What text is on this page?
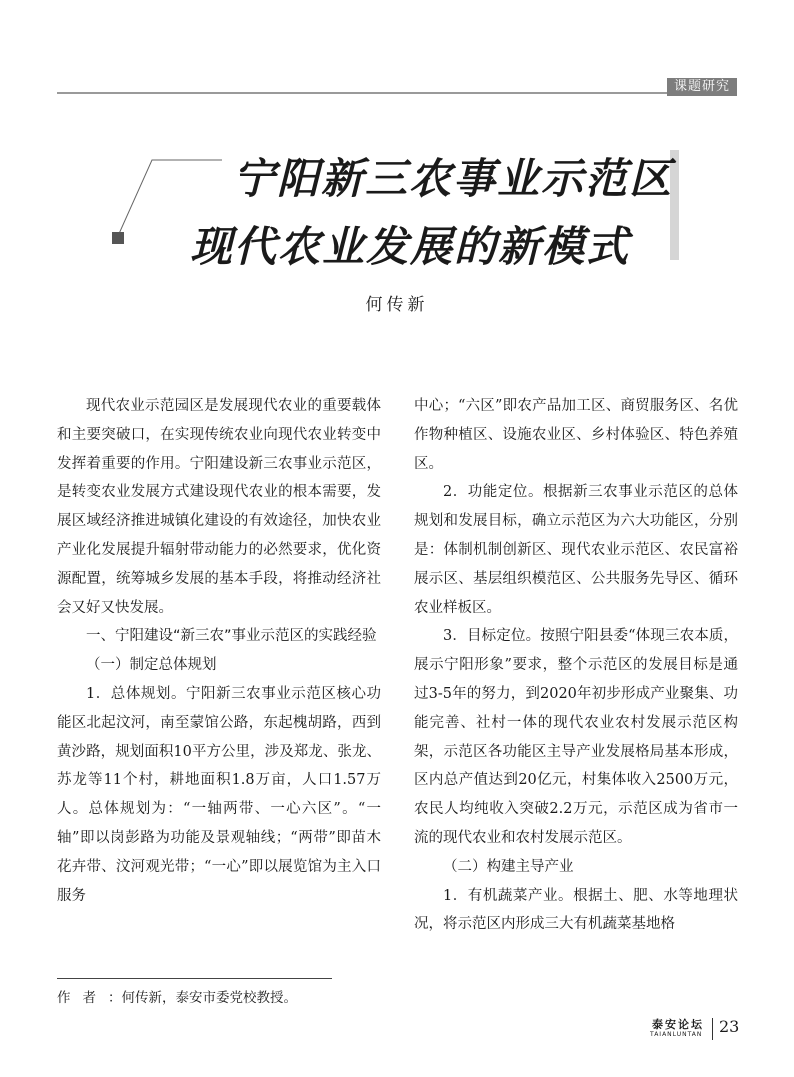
课题研究
宁阳新三农事业示范区
现代农业发展的新模式
何传新

现代农业示范园区是发展现代农业的重要载体和主要突破口，在实现传统农业向现代农业转变中发挥着重要的作用。宁阳建设新三农事业示范区，是转变农业发展方式建设现代农业的根本需要，发展区域经济推进城镇化建设的有效途径，加快农业产业化发展提升辐射带动能力的必然要求，优化资源配置，统筹城乡发展的基本手段，将推动经济社会又好又快发展。

一、宁阳建设“新三农”事业示范区的实践经验
（一）制定总体规划

1．总体规划。宁阳新三农事业示范区核心功能区北起汶河，南至蒙馆公路，东起槐胡路，西到黄沙路，规划面积10平方公里，涉及郑龙、张龙、苏龙等11个村，耕地面积1.8万亩，人口1.57万人。总体规划为：“一轴两带、一心六区”。“一轴”即以岗彭路为功能及景观轴线；“两带”即苗木花卉带、汶河观光带；“一心”即以展览馆为主入口服务

中心；“六区”即农产品加工区、商贸服务区、名优作物种植区、设施农业区、乡村体验区、特色养殖区。

2．功能定位。根据新三农事业示范区的总体规划和发展目标，确立示范区为六大功能区，分别是：体制机制创新区、现代农业示范区、农民富裕展示区、基层组织模范区、公共服务先导区、循环农业样板区。

3．目标定位。按照宁阳县委“体现三农本质，展示宁阳形象”要求，整个示范区的发展目标是通过3-5年的努力，到2020年初步形成产业聚集、功能完善、社村一体的现代农业农村发展示范区构架，示范区各功能区主导产业发展格局基本形成，区内总产值达到20亿元，村集体收入2500万元，农民人均纯收入突破2.2万元，示范区成为省市一流的现代农业和农村发展示范区。

（二）构建主导产业

1．有机蔬菜产业。根据土、肥、水等地理状况，将示范区内形成三大有机蔬菜基地格

作者：何传新，泰安市委党校教授。
泰安论坛
TAIANLUNTAN 23
